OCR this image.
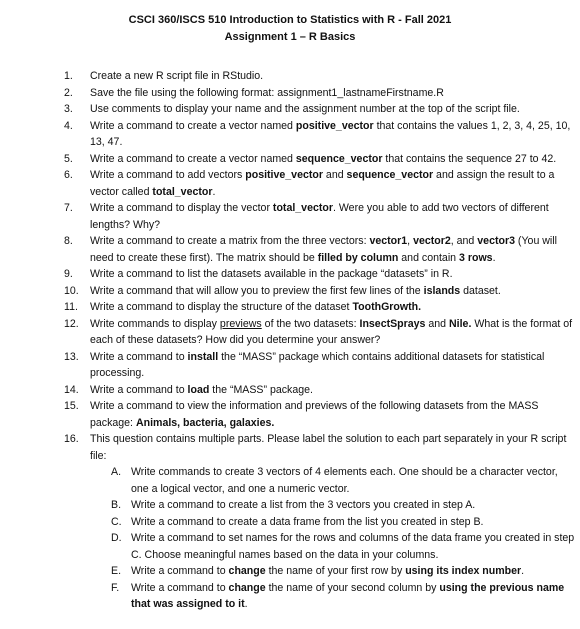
CSCI 360/ISCS 510 Introduction to Statistics with R - Fall 2021
Assignment 1 – R Basics
1.	Create a new R script file in RStudio.
2.	Save the file using the following format: assignment1_lastnameFirstname.R
3.	Use comments to display your name and the assignment number at the top of the script file.
4.	Write a command to create a vector named positive_vector that contains the values 1, 2, 3, 4, 25, 10, 13, 47.
5.	Write a command to create a vector named sequence_vector that contains the sequence 27 to 42.
6.	Write a command to add vectors positive_vector and sequence_vector and assign the result to a vector called total_vector.
7.	Write a command to display the vector total_vector. Were you able to add two vectors of different lengths? Why?
8.	Write a command to create a matrix from the three vectors: vector1, vector2, and vector3 (You will need to create these first). The matrix should be filled by column and contain 3 rows.
9.	Write a command to list the datasets available in the package “datasets” in R.
10.	Write a command that will allow you to preview the first few lines of the islands dataset.
11.	Write a command to display the structure of the dataset ToothGrowth.
12.	Write commands to display previews of the two datasets: InsectSprays and Nile. What is the format of each of these datasets? How did you determine your answer?
13.	Write a command to install the “MASS” package which contains additional datasets for statistical processing.
14.	Write a command to load the “MASS” package.
15.	Write a command to view the information and previews of the following datasets from the MASS package: Animals, bacteria, galaxies.
16.	This question contains multiple parts. Please label the solution to each part separately in your R script file:
A. Write commands to create 3 vectors of 4 elements each. One should be a character vector, one a logical vector, and one a numeric vector.
B. Write a command to create a list from the 3 vectors you created in step A.
C. Write a command to create a data frame from the list you created in step B.
D. Write a command to set names for the rows and columns of the data frame you created in step C. Choose meaningful names based on the data in your columns.
E. Write a command to change the name of your first row by using its index number.
F.	Write a command to change the name of your second column by using the previous name that was assigned to it.
